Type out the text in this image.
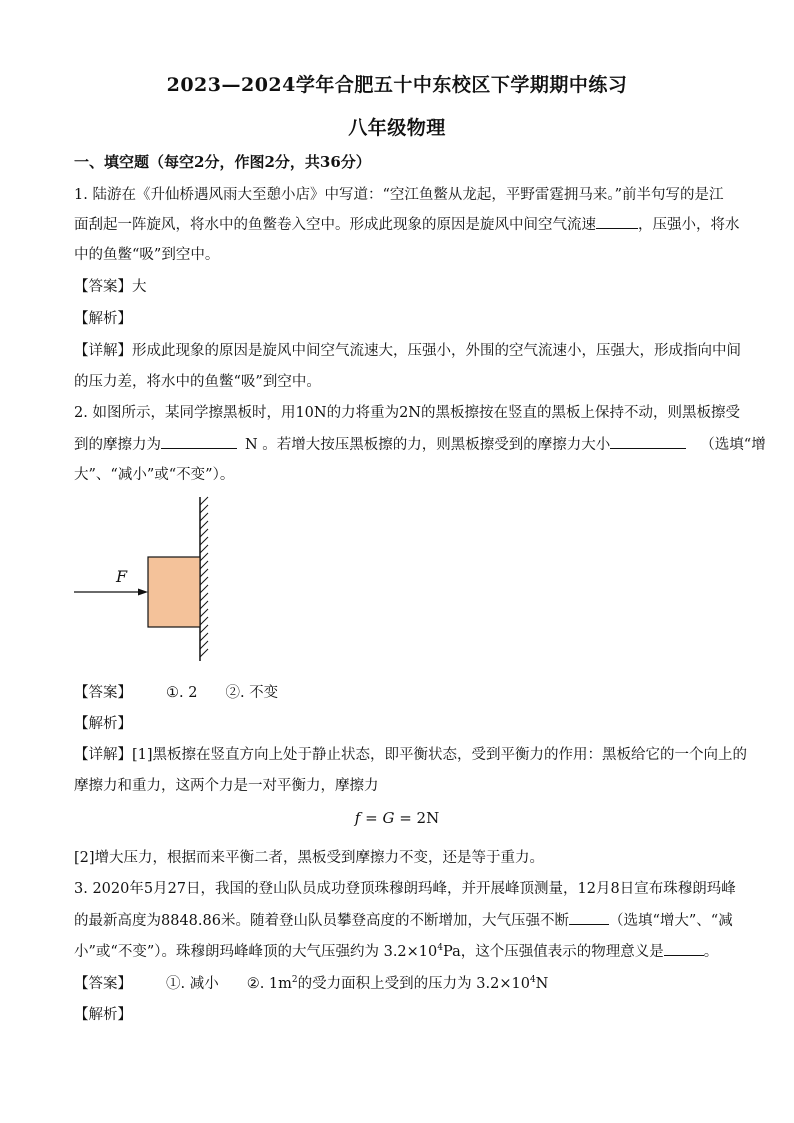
2023—2024学年合肥五十中东校区下学期期中练习
八年级物理
一、填空题（每空2分，作图2分，共36分）
1. 陆游在《升仙桥遇风雨大至憩小店》中写道：“空江鱼鳖从龙起，平野雷霆拥马来。”前半句写的是江
面刮起一阵旋风，将水中的鱼鳖卷入空中。形成此现象的原因是旋风中间空气流速	，压强小，将水
中的鱼鳖“吸”到空中。
【答案】大
【解析】
【详解】形成此现象的原因是旋风中间空气流速大，压强小，外围的空气流速小，压强大，形成指向中间
的压力差，将水中的鱼鳖“吸”到空中。
2. 如图所示，某同学擦黑板时，用10N的力将重为2N的黑板擦按在竖直的黑板上保持不动，则黑板擦受
到的摩擦力为	N 。若增大按压黑板擦的力，则黑板擦受到的摩擦力大小	（选填“增
大”、“减小”或“不变”）。
F
【答案】 ①. 2 ②. 不变
【解析】
【详解】[1]黑板擦在竖直方向上处于静止状态，即平衡状态，受到平衡力的作用：黑板给它的一个向上的
摩擦力和重力，这两个力是一对平衡力，摩擦力
f = G = 2N
[2]增大压力，根据而来平衡二者，黑板受到摩擦力不变，还是等于重力。
3. 2020年5月27日，我国的登山队员成功登顶珠穆朗玛峰，并开展峰顶测量，12月8日宣布珠穆朗玛峰
的最新高度为8848.86米。随着登山队员攀登高度的不断增加，大气压强不断	（选填“增大”、“减
小”或“不变”）。珠穆朗玛峰峰顶的大气压强约为 $3.2\times 10^4Pa$，这个压强值表示的物理意义是	。
【答案】 ①. 减小 ②. $1m^2$的受力面积上受到的压力为 $3.2\times 10^4N$
【解析】
